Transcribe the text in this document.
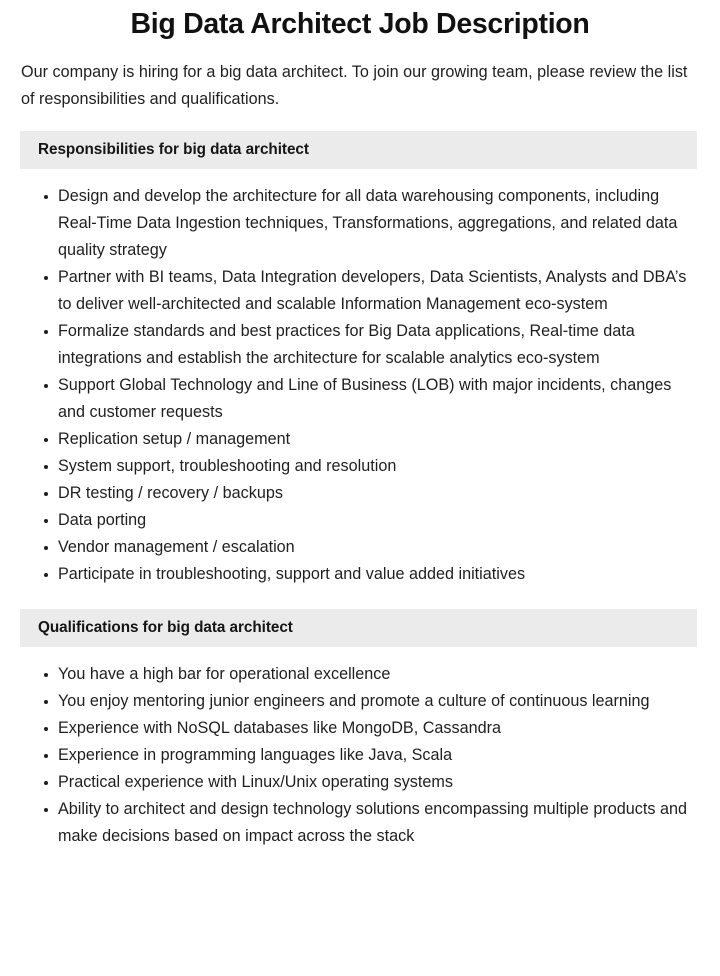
Big Data Architect Job Description

Our company is hiring for a big data architect. To join our growing team, please review the list of responsibilities and qualifications.

Responsibilities for big data architect
Design and develop the architecture for all data warehousing components, including Real-Time Data Ingestion techniques, Transformations, aggregations, and related data quality strategy
Partner with BI teams, Data Integration developers, Data Scientists, Analysts and DBA’s to deliver well-architected and scalable Information Management eco-system
Formalize standards and best practices for Big Data applications, Real-time data integrations and establish the architecture for scalable analytics eco-system
Support Global Technology and Line of Business (LOB) with major incidents, changes and customer requests
Replication setup / management
System support, troubleshooting and resolution
DR testing / recovery / backups
Data porting
Vendor management / escalation
Participate in troubleshooting, support and value added initiatives
Qualifications for big data architect
You have a high bar for operational excellence
You enjoy mentoring junior engineers and promote a culture of continuous learning
Experience with NoSQL databases like MongoDB, Cassandra
Experience in programming languages like Java, Scala
Practical experience with Linux/Unix operating systems
Ability to architect and design technology solutions encompassing multiple products and make decisions based on impact across the stack
